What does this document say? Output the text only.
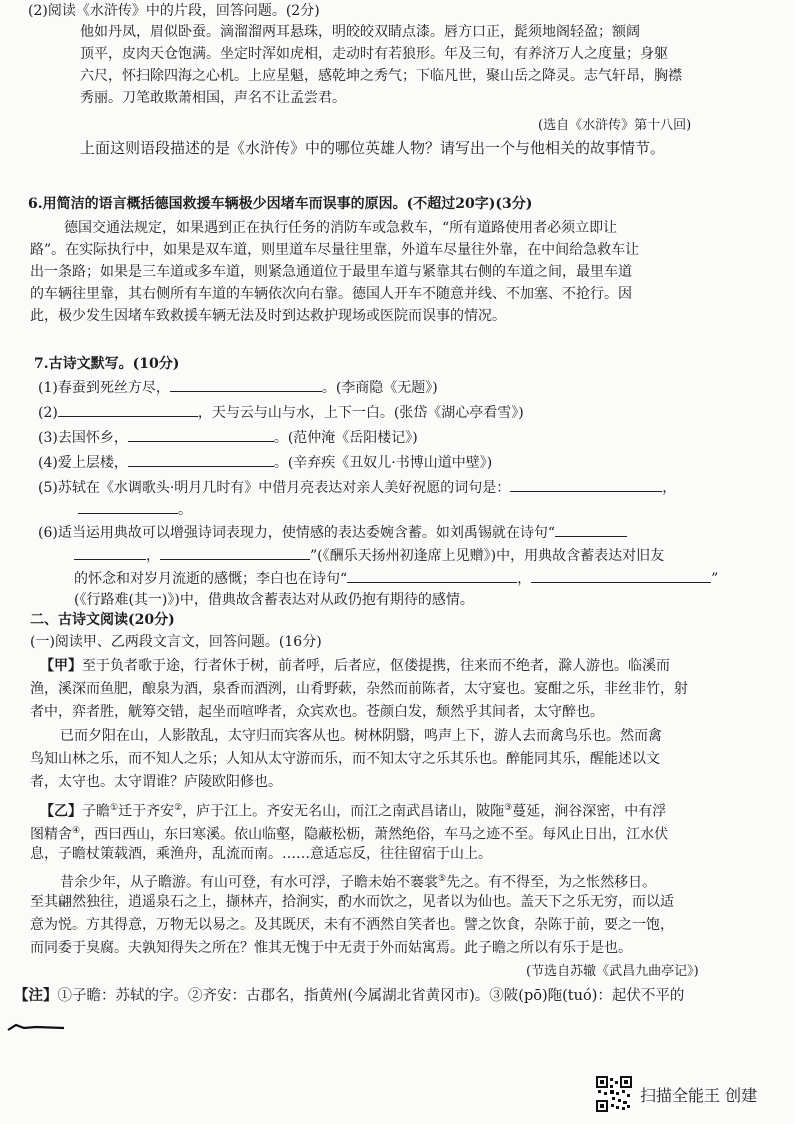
(2)阅读《水浒传》中的片段，回答问题。(2分)
他如丹凤，眉似卧蚕。滴溜溜两耳悬珠，明皎皎双睛点漆。唇方口正，髭须地阁轻盈；额阔
顶平，皮肉天仓饱满。坐定时浑如虎相，走动时有若狼形。年及三旬，有养济万人之度量；身躯
六尺，怀扫除四海之心机。上应星魁，感乾坤之秀气；下临凡世，聚山岳之降灵。志气轩昂，胸襟
秀丽。刀笔敢欺萧相国，声名不让孟尝君。
(选自《水浒传》第十八回)
上面这则语段描述的是《水浒传》中的哪位英雄人物？请写出一个与他相关的故事情节。
6.用简洁的语言概括德国救援车辆极少因堵车而误事的原因。(不超过20字)(3分)
德国交通法规定，如果遇到正在执行任务的消防车或急救车，“所有道路使用者必须立即让
路”。在实际执行中，如果是双车道，则里道车尽量往里靠，外道车尽量往外靠，在中间给急救车让
出一条路；如果是三车道或多车道，则紧急通道位于最里车道与紧靠其右侧的车道之间，最里车道
的车辆往里靠，其右侧所有车道的车辆依次向右靠。德国人开车不随意并线、不加塞、不抢行。因
此，极少发生因堵车致救援车辆无法及时到达救护现场或医院而误事的情况。
7.古诗文默写。(10分)
(1)春蚕到死丝方尽，	。(李商隐《无题》)
(2)	，天与云与山与水，上下一白。(张岱《湖心亭看雪》)
(3)去国怀乡，	。(范仲淹《岳阳楼记》)
(4)爱上层楼，	。(辛弃疾《丑奴儿·书博山道中壁》)
(5)苏轼在《水调歌头·明月几时有》中借月亮表达对亲人美好祝愿的词句是：	，
。
(6)适当运用典故可以增强诗词表现力，使情感的表达委婉含蓄。如刘禹锡就在诗句“
，	”(《酬乐天扬州初逢席上见赠》)中，用典故含蓄表达对旧友
的怀念和对岁月流逝的感慨；李白也在诗句“	，	”
(《行路难(其一)》)中，借典故含蓄表达对从政仍抱有期待的感情。
二、古诗文阅读(20分)
(一)阅读甲、乙两段文言文，回答问题。(16分)
【甲】至于负者歌于途，行者休于树，前者呼，后者应，伛偻提携，往来而不绝者，滁人游也。临溪而
渔，溪深而鱼肥，酿泉为酒，泉香而酒洌，山肴野蔌，杂然而前陈者，太守宴也。宴酣之乐，非丝非竹，射
者中，弈者胜，觥筹交错，起坐而喧哗者，众宾欢也。苍颜白发，颓然乎其间者，太守醉也。
已而夕阳在山，人影散乱，太守归而宾客从也。树林阴翳，鸣声上下，游人去而禽鸟乐也。然而禽
鸟知山林之乐，而不知人之乐；人知从太守游而乐，而不知太守之乐其乐也。醉能同其乐，醒能述以文
者，太守也。太守谓谁？庐陵欧阳修也。
【乙】子瞻①迁于齐安②，庐于江上。齐安无名山，而江之南武昌诸山，陂陁③蔓延，涧谷深密，中有浮
图精舍④，西曰西山，东曰寒溪。依山临壑，隐蔽松枥，萧然绝俗，车马之迹不至。每风止日出，江水伏
息，子瞻杖策载酒，乘渔舟，乱流而南。……意适忘反，往往留宿于山上。
昔余少年，从子瞻游。有山可登，有水可浮，子瞻未始不褰裳⑤先之。有不得至，为之怅然移日。
至其翩然独往，逍遥泉石之上，撷林卉，拾涧实，酌水而饮之，见者以为仙也。盖天下之乐无穷，而以适
意为悦。方其得意，万物无以易之。及其既厌，未有不洒然自笑者也。譬之饮食，杂陈于前，要之一饱，
而同委于臭腐。夫孰知得失之所在？惟其无愧于中无责于外而姑寓焉。此子瞻之所以有乐于是也。
(节选自苏辙《武昌九曲亭记》)
【注】①子瞻：苏轼的字。②齐安：古郡名，指黄州(今属湖北省黄冈市)。③陂(pō)陁(tuó)：起伏不平的
扫描全能王 创建
